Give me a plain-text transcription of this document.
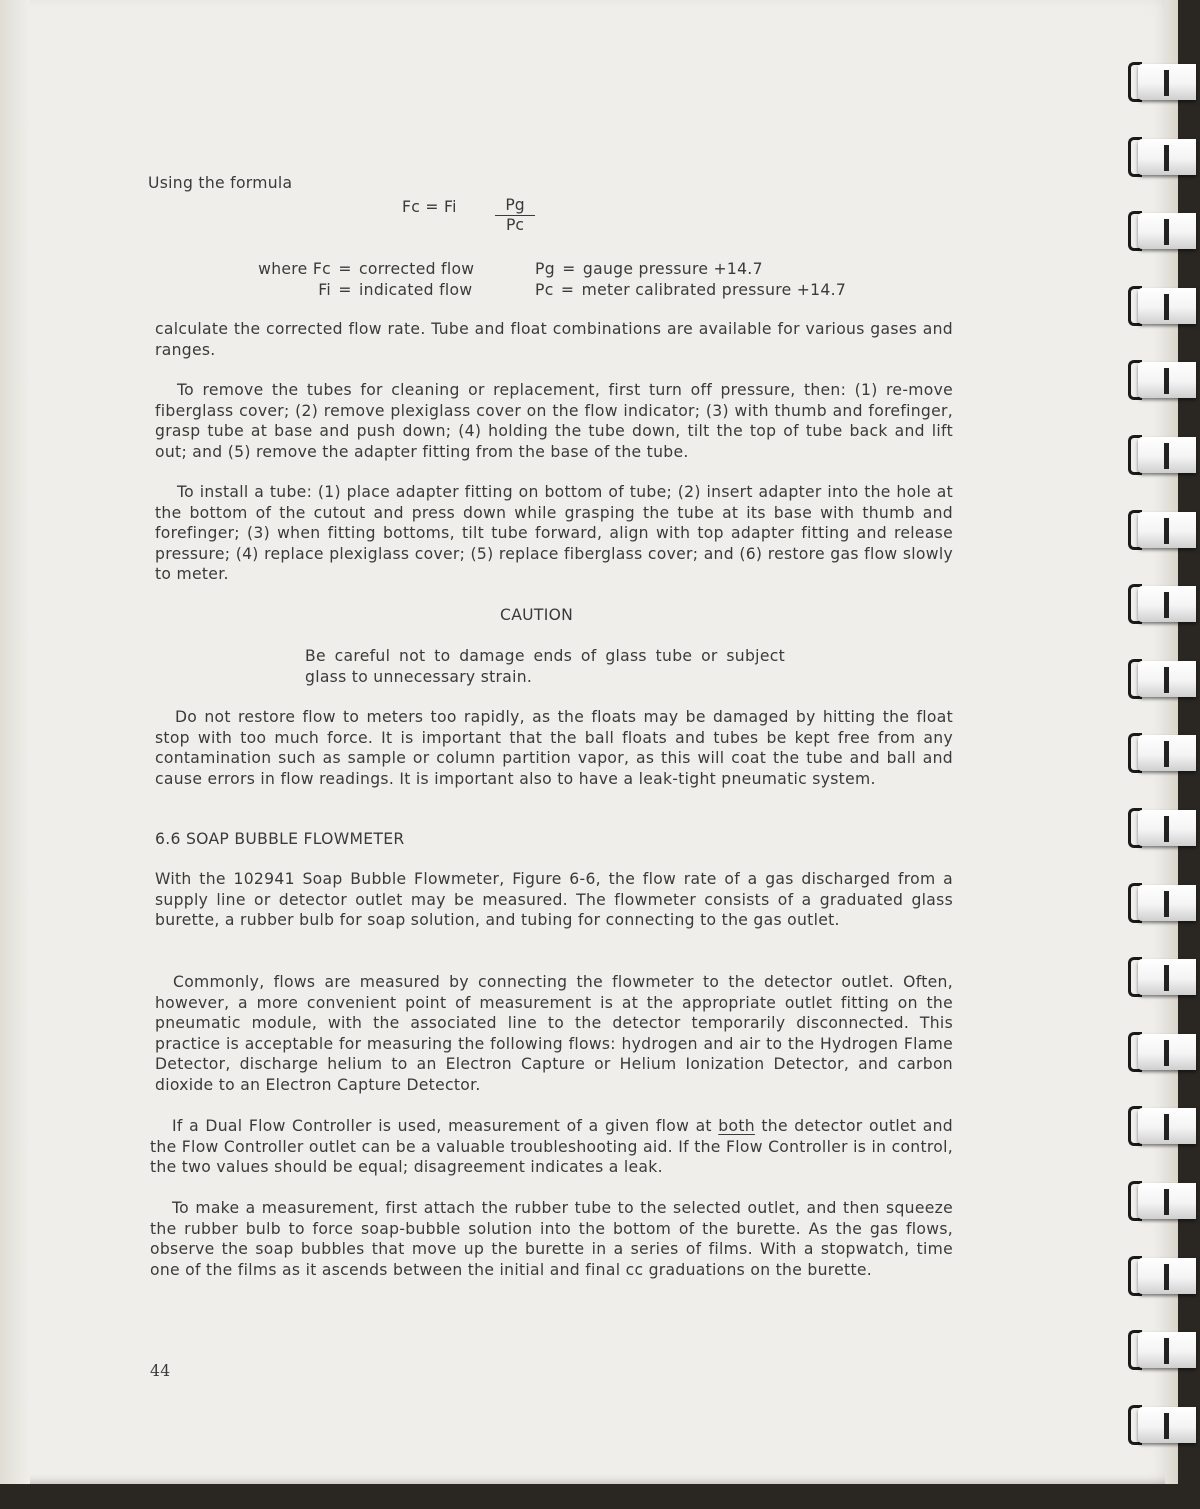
Using the formula

Fc = Fi $\frac{Pg}{Pc}$
where Fc = corrected flow
Fi = indicated flow
Pg = gauge pressure +14.7
Pc = meter calibrated pressure +14.7

calculate the corrected flow rate. Tube and float combinations are available for various gases and ranges.

To remove the tubes for cleaning or replacement, first turn off pressure, then: (1) re-move fiberglass cover; (2) remove plexiglass cover on the flow indicator; (3) with thumb and forefinger, grasp tube at base and push down; (4) holding the tube down, tilt the top of tube back and lift out; and (5) remove the adapter fitting from the base of the tube.

To install a tube: (1) place adapter fitting on bottom of tube; (2) insert adapter into the hole at the bottom of the cutout and press down while grasping the tube at its base with thumb and forefinger; (3) when fitting bottoms, tilt tube forward, align with top adapter fitting and release pressure; (4) replace plexiglass cover; (5) replace fiberglass cover; and (6) restore gas flow slowly to meter.

CAUTION

Be careful not to damage ends of glass tube or subject glass to unnecessary strain.

Do not restore flow to meters too rapidly, as the floats may be damaged by hitting the float stop with too much force. It is important that the ball floats and tubes be kept free from any contamination such as sample or column partition vapor, as this will coat the tube and ball and cause errors in flow readings. It is important also to have a leak-tight pneumatic system.

6.6 SOAP BUBBLE FLOWMETER

With the 102941 Soap Bubble Flowmeter, Figure 6-6, the flow rate of a gas discharged from a supply line or detector outlet may be measured. The flowmeter consists of a graduated glass burette, a rubber bulb for soap solution, and tubing for connecting to the gas outlet.

Commonly, flows are measured by connecting the flowmeter to the detector outlet. Often, however, a more convenient point of measurement is at the appropriate outlet fitting on the pneumatic module, with the associated line to the detector temporarily disconnected. This practice is acceptable for measuring the following flows: hydrogen and air to the Hydrogen Flame Detector, discharge helium to an Electron Capture or Helium Ionization Detector, and carbon dioxide to an Electron Capture Detector.

If a Dual Flow Controller is used, measurement of a given flow at both the detector outlet and the Flow Controller outlet can be a valuable troubleshooting aid. If the Flow Controller is in control, the two values should be equal; disagreement indicates a leak.

To make a measurement, first attach the rubber tube to the selected outlet, and then squeeze the rubber bulb to force soap-bubble solution into the bottom of the burette. As the gas flows, observe the soap bubbles that move up the burette in a series of films. With a stopwatch, time one of the films as it ascends between the initial and final cc graduations on the burette.

44
